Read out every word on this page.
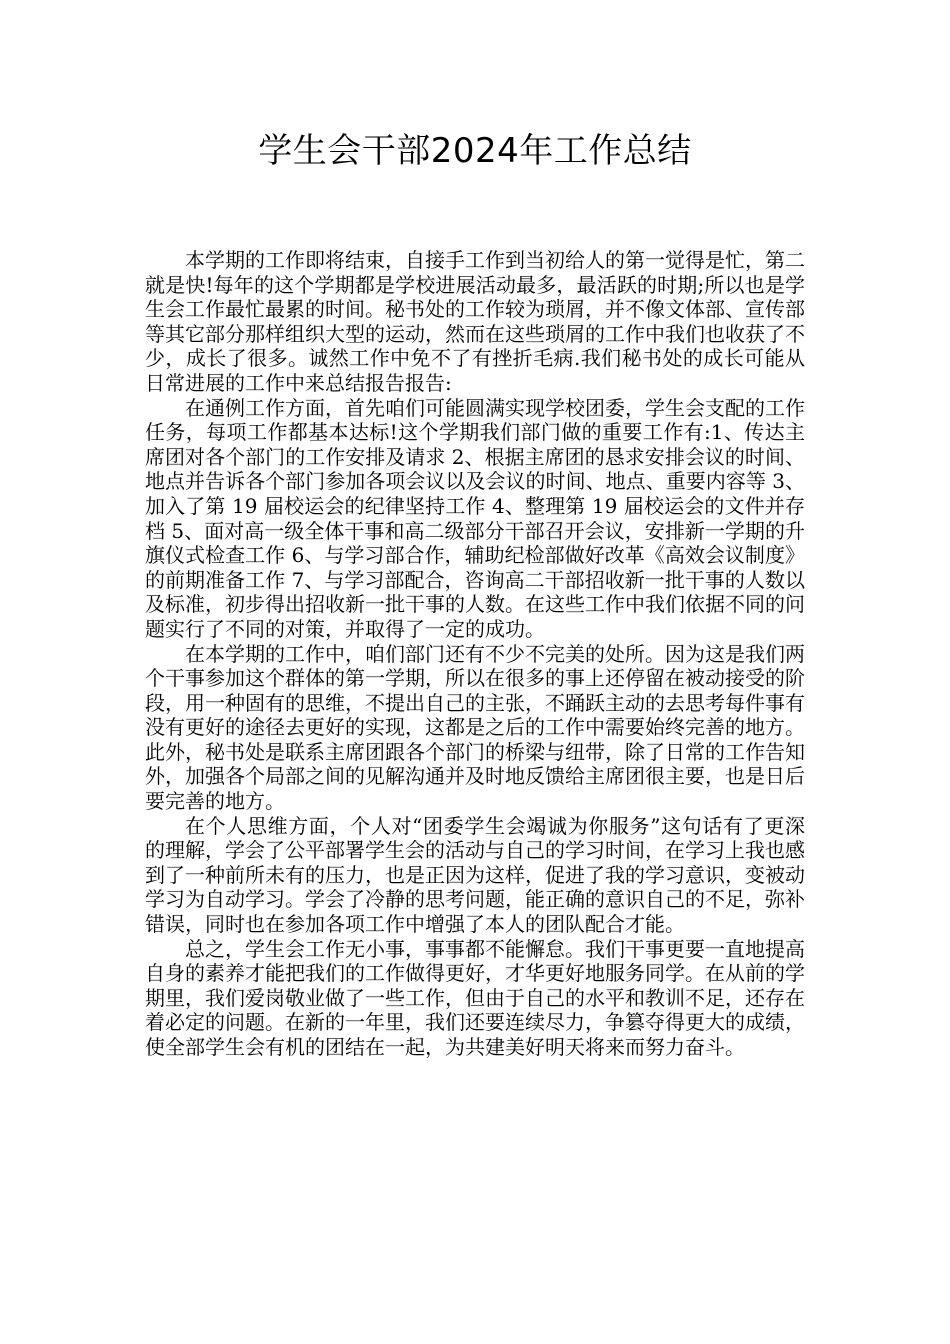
学生会干部2024年工作总结

本学期的工作即将结束，自接手工作到当初给人的第一觉得是忙，第二就是快!每年的这个学期都是学校进展活动最多，最活跃的时期;所以也是学生会工作最忙最累的时间。秘书处的工作较为琐屑，并不像文体部、宣传部等其它部分那样组织大型的运动，然而在这些琐屑的工作中我们也收获了不少，成长了很多。诚然工作中免不了有挫折毛病.我们秘书处的成长可能从日常进展的工作中来总结报告报告:

在通例工作方面，首先咱们可能圆满实现学校团委，学生会支配的工作任务，每项工作都基本达标!这个学期我们部门做的重要工作有:1、传达主席团对各个部门的工作安排及请求 2、根据主席团的恳求安排会议的时间、地点并告诉各个部门参加各项会议以及会议的时间、地点、重要内容等 3、加入了第 19 届校运会的纪律坚持工作 4、整理第 19 届校运会的文件并存档 5、面对高一级全体干事和高二级部分干部召开会议，安排新一学期的升旗仪式检查工作 6、与学习部合作，辅助纪检部做好改革《高效会议制度》的前期准备工作 7、与学习部配合，咨询高二干部招收新一批干事的人数以及标准，初步得出招收新一批干事的人数。在这些工作中我们依据不同的问题实行了不同的对策，并取得了一定的成功。

在本学期的工作中，咱们部门还有不少不完美的处所。因为这是我们两个干事参加这个群体的第一学期，所以在很多的事上还停留在被动接受的阶段，用一种固有的思维，不提出自己的主张，不踊跃主动的去思考每件事有没有更好的途径去更好的实现，这都是之后的工作中需要始终完善的地方。此外，秘书处是联系主席团跟各个部门的桥梁与纽带，除了日常的工作告知外，加强各个局部之间的见解沟通并及时地反馈给主席团很主要，也是日后要完善的地方。

在个人思维方面，个人对“团委学生会竭诚为你服务”这句话有了更深的理解，学会了公平部署学生会的活动与自己的学习时间，在学习上我也感到了一种前所未有的压力，也是正因为这样，促进了我的学习意识，变被动学习为自动学习。学会了冷静的思考问题，能正确的意识自己的不足，弥补错误，同时也在参加各项工作中增强了本人的团队配合才能。

总之，学生会工作无小事，事事都不能懈怠。我们干事更要一直地提高自身的素养才能把我们的工作做得更好，才华更好地服务同学。在从前的学期里，我们爱岗敬业做了一些工作，但由于自己的水平和教训不足，还存在着必定的问题。在新的一年里，我们还要连续尽力，争篡夺得更大的成绩，使全部学生会有机的团结在一起，为共建美好明天将来而努力奋斗。
